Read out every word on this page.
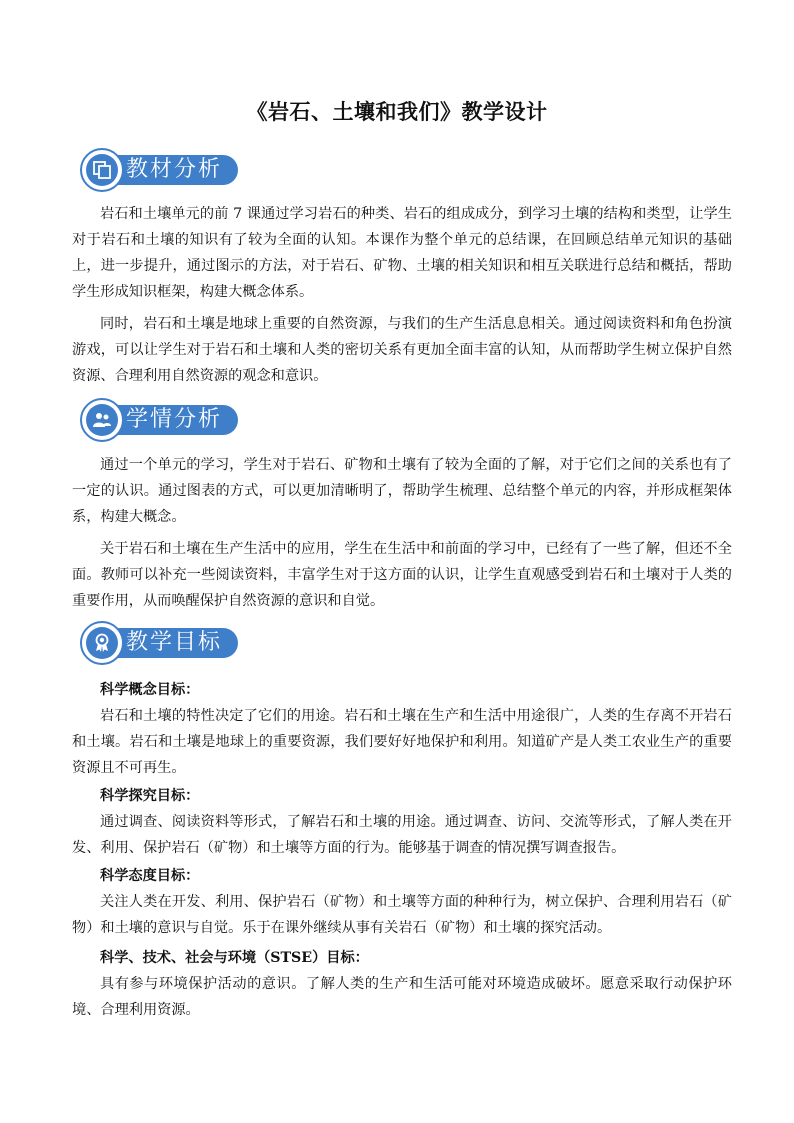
《岩石、土壤和我们》教学设计
教材分析

岩石和土壤单元的前 7 课通过学习岩石的种类、岩石的组成成分，到学习土壤的结构和类型，让学生对于岩石和土壤的知识有了较为全面的认知。本课作为整个单元的总结课，在回顾总结单元知识的基础上，进一步提升，通过图示的方法，对于岩石、矿物、土壤的相关知识和相互关联进行总结和概括，帮助学生形成知识框架，构建大概念体系。

同时，岩石和土壤是地球上重要的自然资源，与我们的生产生活息息相关。通过阅读资料和角色扮演游戏，可以让学生对于岩石和土壤和人类的密切关系有更加全面丰富的认知，从而帮助学生树立保护自然资源、合理利用自然资源的观念和意识。

学情分析

通过一个单元的学习，学生对于岩石、矿物和土壤有了较为全面的了解，对于它们之间的关系也有了一定的认识。通过图表的方式，可以更加清晰明了，帮助学生梳理、总结整个单元的内容，并形成框架体系，构建大概念。

关于岩石和土壤在生产生活中的应用，学生在生活中和前面的学习中，已经有了一些了解，但还不全面。教师可以补充一些阅读资料，丰富学生对于这方面的认识，让学生直观感受到岩石和土壤对于人类的重要作用，从而唤醒保护自然资源的意识和自觉。

教学目标

科学概念目标：

岩石和土壤的特性决定了它们的用途。岩石和土壤在生产和生活中用途很广，人类的生存离不开岩石和土壤。岩石和土壤是地球上的重要资源，我们要好好地保护和利用。知道矿产是人类工农业生产的重要资源且不可再生。

科学探究目标：

通过调查、阅读资料等形式，了解岩石和土壤的用途。通过调查、访问、交流等形式，了解人类在开发、利用、保护岩石（矿物）和土壤等方面的行为。能够基于调查的情况撰写调查报告。

科学态度目标：

关注人类在开发、利用、保护岩石（矿物）和土壤等方面的种种行为，树立保护、合理利用岩石（矿物）和土壤的意识与自觉。乐于在课外继续从事有关岩石（矿物）和土壤的探究活动。

科学、技术、社会与环境（STSE）目标：

具有参与环境保护活动的意识。了解人类的生产和生活可能对环境造成破坏。愿意采取行动保护环境、合理利用资源。
